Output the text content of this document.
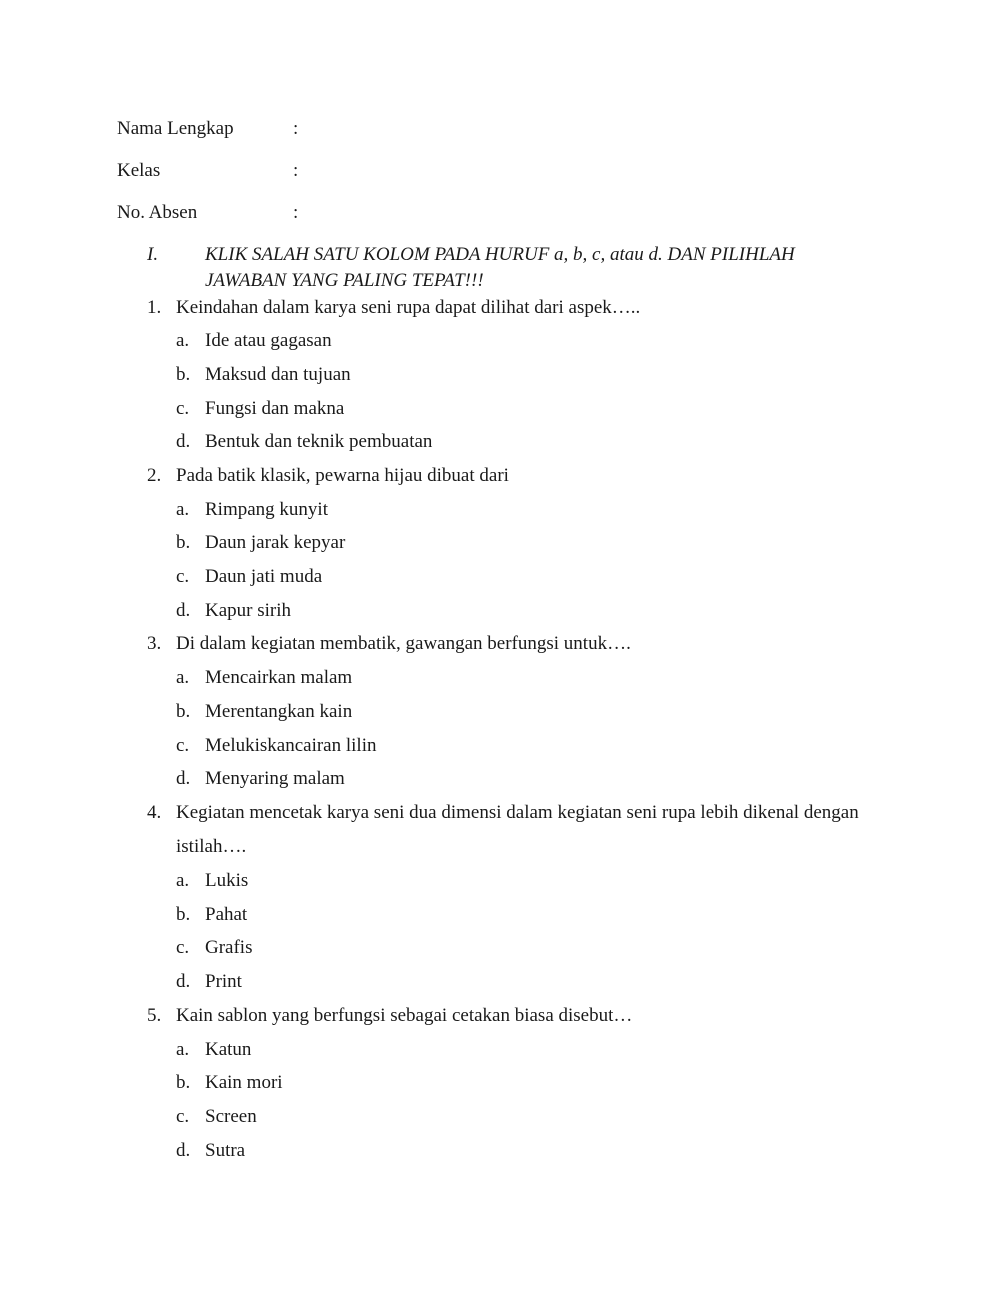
Nama Lengkap	:
Kelas	:
No. Absen	:
I. KLIK SALAH SATU KOLOM PADA HURUF a, b, c, atau d. DAN PILIHLAH
JAWABAN YANG PALING TEPAT!!!
1. Keindahan dalam karya seni rupa dapat dilihat dari aspek…..
a. Ide atau gagasan
b. Maksud dan tujuan
c. Fungsi dan makna
d. Bentuk dan teknik pembuatan
2. Pada batik klasik, pewarna hijau dibuat dari
a. Rimpang kunyit
b. Daun jarak kepyar
c. Daun jati muda
d. Kapur sirih
3. Di dalam kegiatan membatik, gawangan berfungsi untuk….
a. Mencairkan malam
b. Merentangkan kain
c. Melukiskancairan lilin
d. Menyaring malam
4. Kegiatan mencetak karya seni dua dimensi dalam kegiatan seni rupa lebih dikenal dengan
istilah….
a. Lukis
b. Pahat
c. Grafis
d. Print
5. Kain sablon yang berfungsi sebagai cetakan biasa disebut…
a. Katun
b. Kain mori
c. Screen
d. Sutra
